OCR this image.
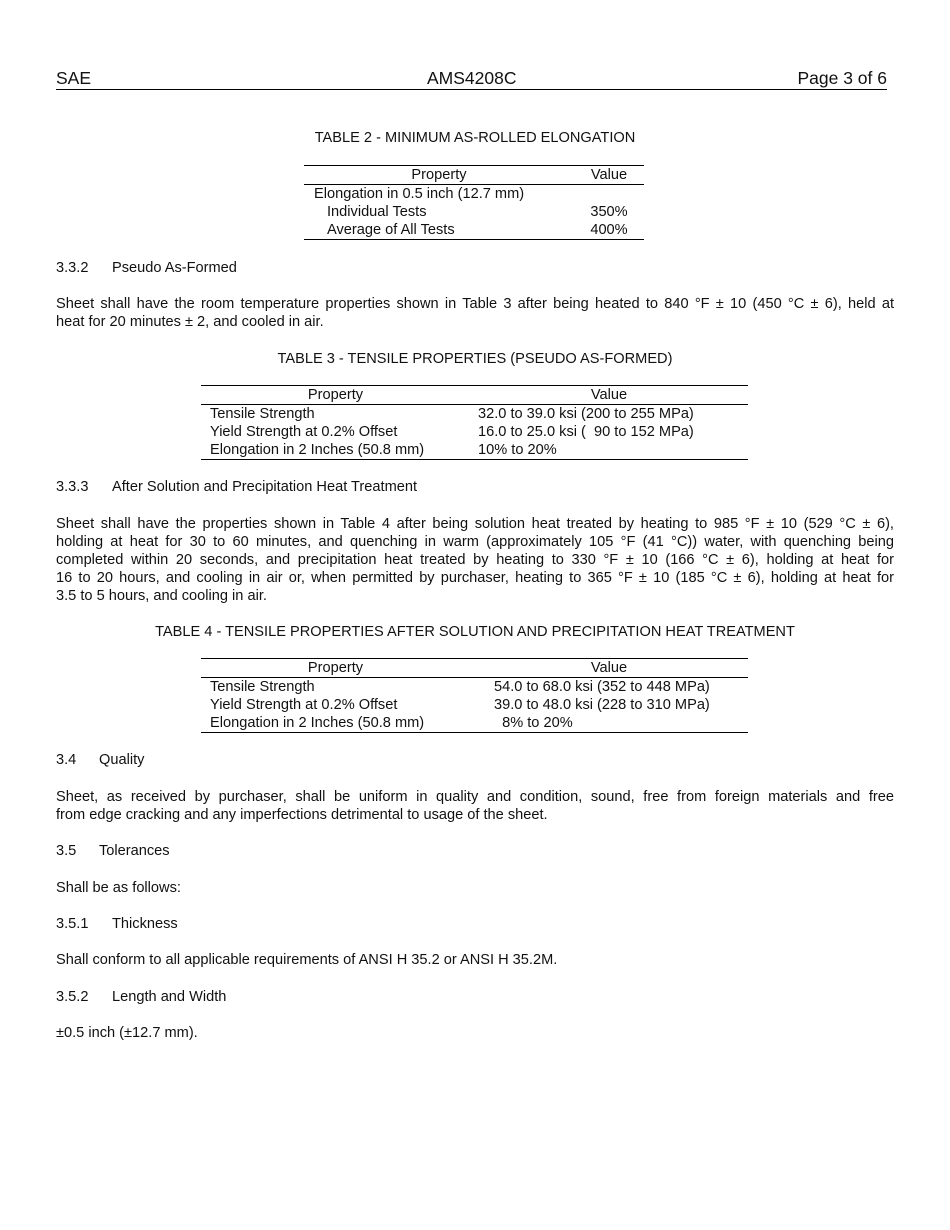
SAE	AMS4208C	Page 3 of 6
TABLE 2 - MINIMUM AS-ROLLED ELONGATION
Property	Value
Elongation in 0.5 inch (12.7 mm)	
Individual Tests	350%
Average of All Tests	400%
3.3.2 Pseudo As-Formed
Sheet shall have the room temperature properties shown in Table 3 after being heated to 840 °F ± 10 (450 °C ± 6), held at
heat for 20 minutes ± 2, and cooled in air.
TABLE 3 - TENSILE PROPERTIES (PSEUDO AS-FORMED)
Property	Value
Tensile Strength	32.0 to 39.0 ksi (200 to 255 MPa)
Yield Strength at 0.2% Offset	16.0 to 25.0 ksi (  90 to 152 MPa)
Elongation in 2 Inches (50.8 mm)	10% to 20%
3.3.3 After Solution and Precipitation Heat Treatment
Sheet shall have the properties shown in Table 4 after being solution heat treated by heating to 985 °F ± 10 (529 °C ± 6),
holding at heat for 30 to 60 minutes, and quenching in warm (approximately 105 °F (41 °C)) water, with quenching being
completed within 20 seconds, and precipitation heat treated by heating to 330 °F ± 10 (166 °C ± 6), holding at heat for
16 to 20 hours, and cooling in air or, when permitted by purchaser, heating to 365 °F ± 10 (185 °C ± 6), holding at heat for
3.5 to 5 hours, and cooling in air.
TABLE 4 - TENSILE PROPERTIES AFTER SOLUTION AND PRECIPITATION HEAT TREATMENT
Property	Value
Tensile Strength	54.0 to 68.0 ksi (352 to 448 MPa)
Yield Strength at 0.2% Offset	39.0 to 48.0 ksi (228 to 310 MPa)
Elongation in 2 Inches (50.8 mm)	8% to 20%
3.4 Quality
Sheet, as received by purchaser, shall be uniform in quality and condition, sound, free from foreign materials and free
from edge cracking and any imperfections detrimental to usage of the sheet.
3.5 Tolerances
Shall be as follows:
3.5.1 Thickness
Shall conform to all applicable requirements of ANSI H 35.2 or ANSI H 35.2M.
3.5.2 Length and Width
±0.5 inch (±12.7 mm).
